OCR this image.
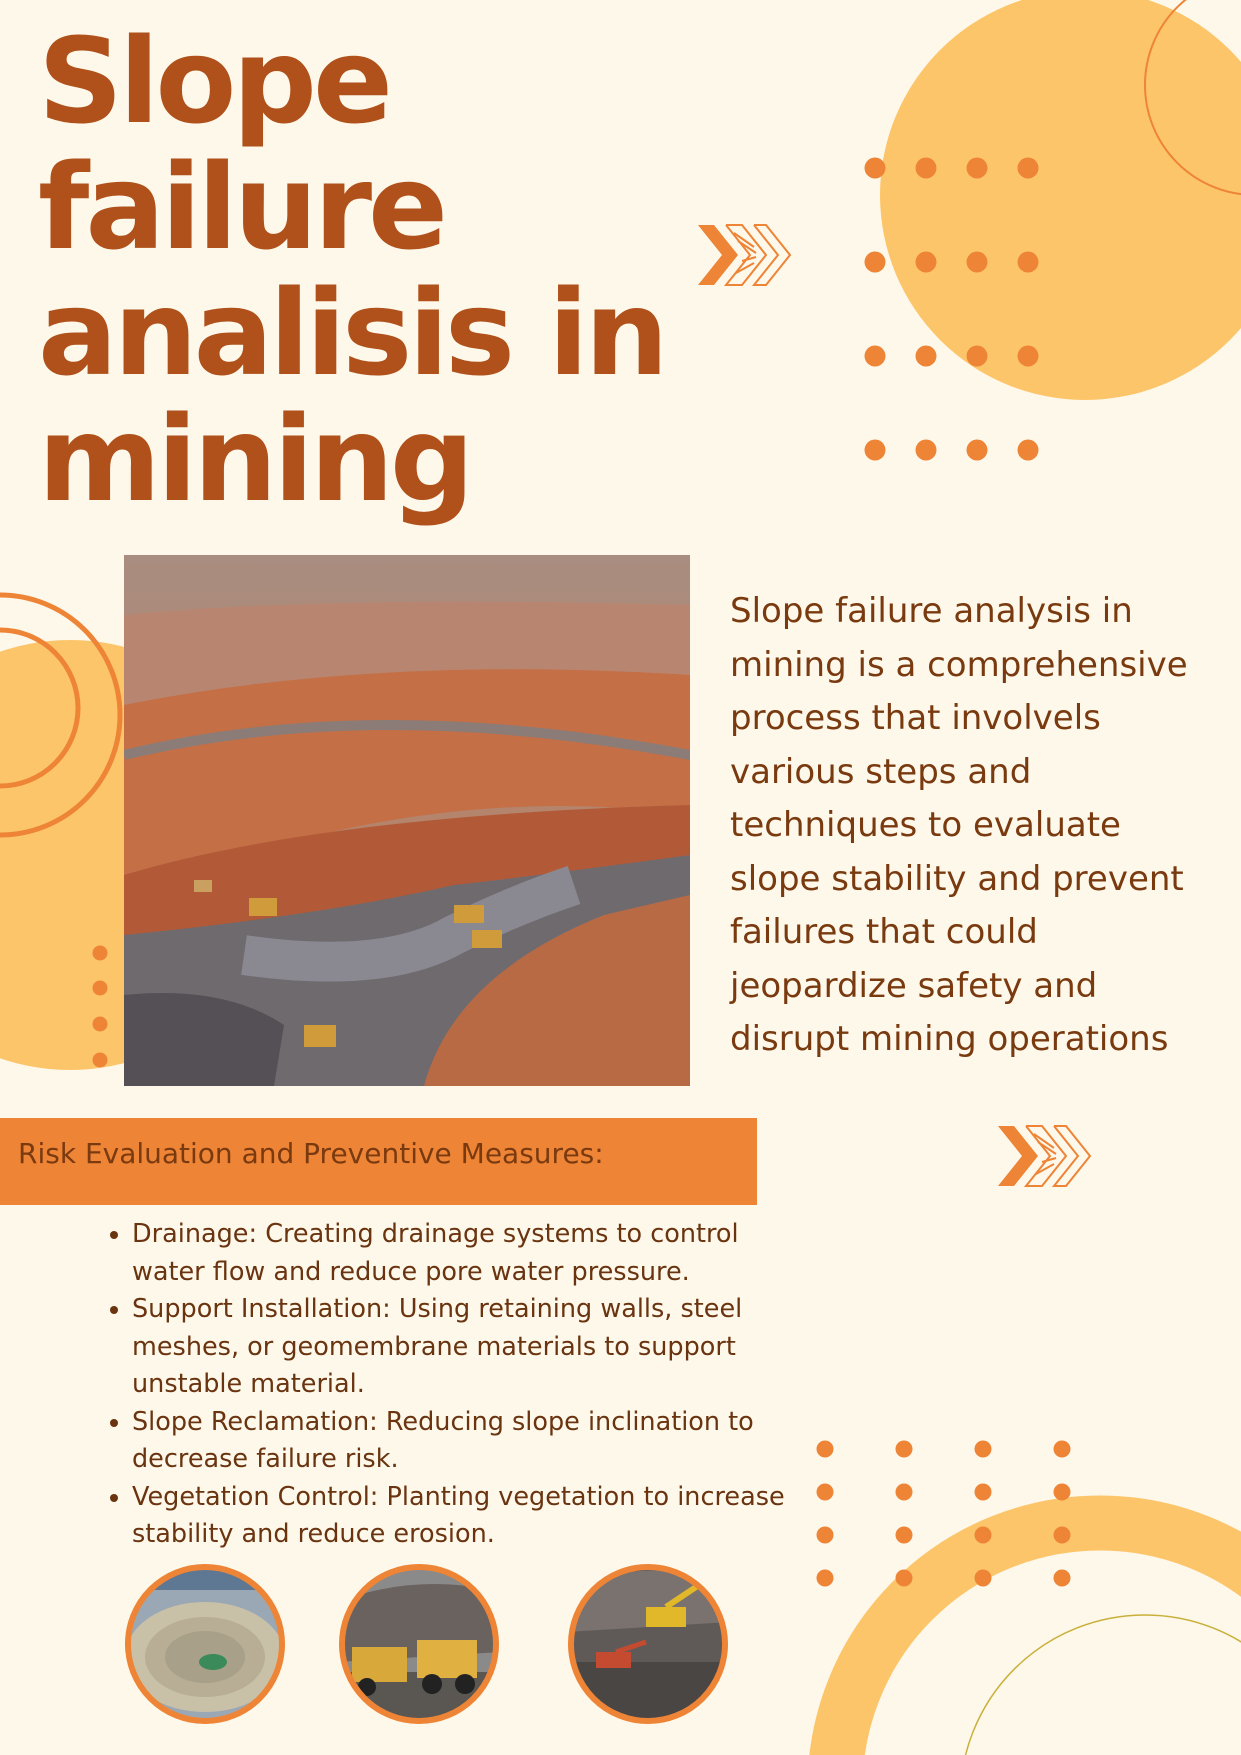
Slope
failure
analisis in
mining

Slope failure analysis in mining is a comprehensive process that involvels various steps and techniques to evaluate slope stability and prevent failures that could jeopardize safety and disrupt mining operations

Risk Evaluation and Preventive Measures:
• Drainage: Creating drainage systems to control water flow and reduce pore water pressure.
• Support Installation: Using retaining walls, steel meshes, or geomembrane materials to support unstable material.
• Slope Reclamation: Reducing slope inclination to decrease failure risk.
• Vegetation Control: Planting vegetation to increase stability and reduce erosion.
